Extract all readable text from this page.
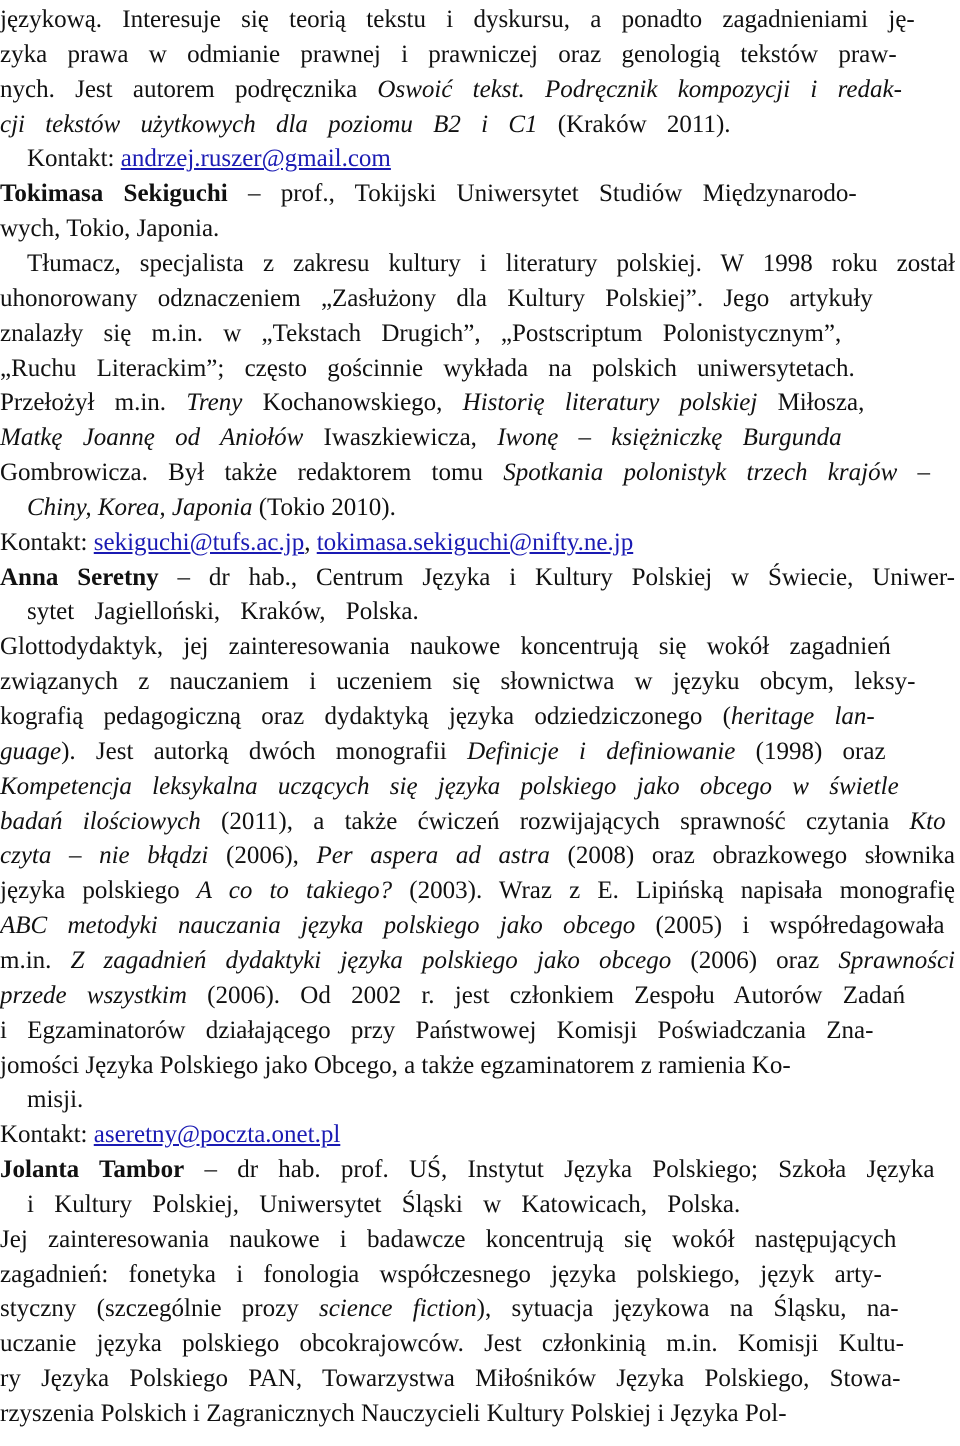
językową. Interesuje się teorią tekstu i dyskursu, a ponadto zagadnieniami ję-
zyka prawa w odmianie prawnej i prawniczej oraz genologią tekstów praw-
nych. Jest autorem podręcznika Oswoić tekst. Podręcznik kompozycji i redak-
cji tekstów użytkowych dla poziomu B2 i C1 (Kraków 2011).
Kontakt: andrzej.ruszer@gmail.com
Tokimasa Sekiguchi – prof., Tokijski Uniwersytet Studiów Międzynarodo-
wych, Tokio, Japonia.
Tłumacz, specjalista z zakresu kultury i literatury polskiej. W 1998 roku został
uhonorowany odznaczeniem „Zasłużony dla Kultury Polskiej”. Jego artykuły
znalazły się m.in. w „Tekstach Drugich”, „Postscriptum Polonistycznym”,
„Ruchu Literackim”; często gościnnie wykłada na polskich uniwersytetach.
Przełożył m.in. Treny Kochanowskiego, Historię literatury polskiej Miłosza,
Matkę Joannę od Aniołów Iwaszkiewicza, Iwonę – księżniczkę Burgunda
Gombrowicza. Był także redaktorem tomu Spotkania polonistyk trzech krajów –
Chiny, Korea, Japonia (Tokio 2010).
Kontakt: sekiguchi@tufs.ac.jp, tokimasa.sekiguchi@nifty.ne.jp
Anna Seretny – dr hab., Centrum Języka i Kultury Polskiej w Świecie, Uniwer-
sytet Jagielloński, Kraków, Polska.
Glottodydaktyk, jej zainteresowania naukowe koncentrują się wokół zagadnień
związanych z nauczaniem i uczeniem się słownictwa w języku obcym, leksy-
kografią pedagogiczną oraz dydaktyką języka odziedziczonego (heritage lan-
guage). Jest autorką dwóch monografii Definicje i definiowanie (1998) oraz
Kompetencja leksykalna uczących się języka polskiego jako obcego w świetle
badań ilościowych (2011), a także ćwiczeń rozwijających sprawność czytania Kto
czyta – nie błądzi (2006), Per aspera ad astra (2008) oraz obrazkowego słownika
języka polskiego A co to takiego? (2003). Wraz z E. Lipińską napisała monografię
ABC metodyki nauczania języka polskiego jako obcego (2005) i współredagowała
m.in. Z zagadnień dydaktyki języka polskiego jako obcego (2006) oraz Sprawności
przede wszystkim (2006). Od 2002 r. jest członkiem Zespołu Autorów Zadań
i Egzaminatorów działającego przy Państwowej Komisji Poświadczania Zna-
jomości Języka Polskiego jako Obcego, a także egzaminatorem z ramienia Ko-
misji.
Kontakt: aseretny@poczta.onet.pl
Jolanta Tambor – dr hab. prof. UŚ, Instytut Języka Polskiego; Szkoła Języka
i Kultury Polskiej, Uniwersytet Śląski w Katowicach, Polska.
Jej zainteresowania naukowe i badawcze koncentrują się wokół następujących
zagadnień: fonetyka i fonologia współczesnego języka polskiego, język arty-
styczny (szczególnie prozy science fiction), sytuacja językowa na Śląsku, na-
uczanie języka polskiego obcokrajowców. Jest członkinią m.in. Komisji Kultu-
ry Języka Polskiego PAN, Towarzystwa Miłośników Języka Polskiego, Stowa-
rzyszenia Polskich i Zagranicznych Nauczycieli Kultury Polskiej i Języka Pol-
